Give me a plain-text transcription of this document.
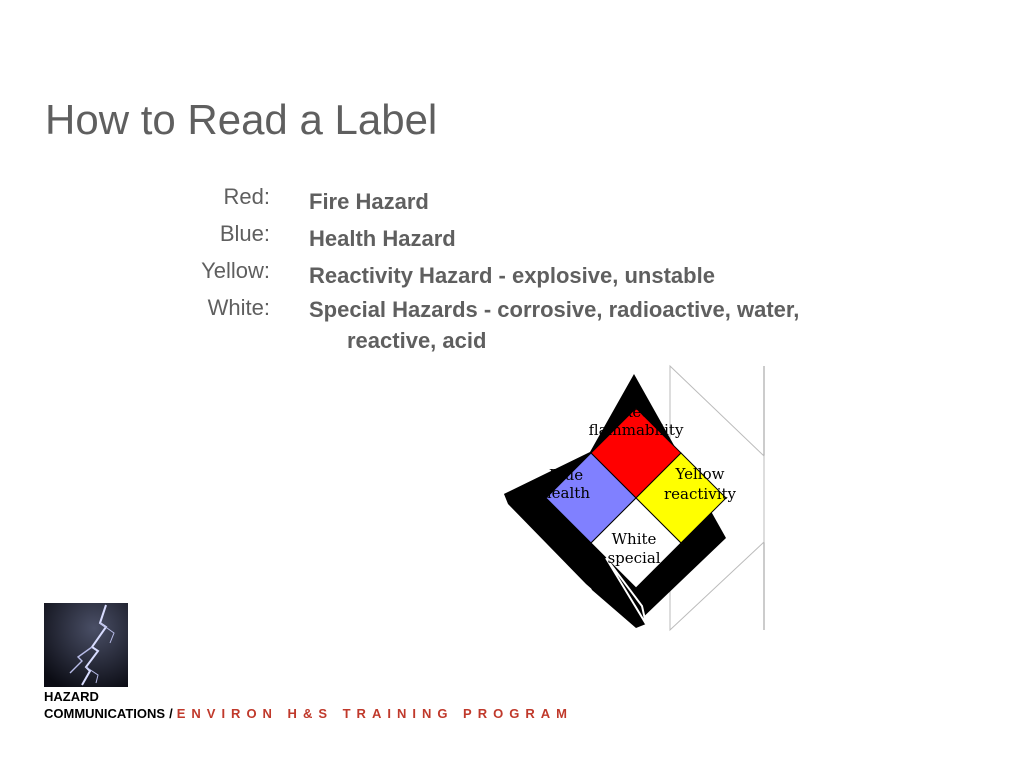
How to Read a Label
Red: Fire Hazard
Blue: Health Hazard
Yellow: Reactivity Hazard - explosive, unstable
White: Special Hazards - corrosive, radioactive, water,
reactive, acid
Red
flammability
Blue
health
Yellow
reactivity
White
special
HAZARD
COMMUNICATIONS / ENVIRON H&S TRAINING PROGRAM
